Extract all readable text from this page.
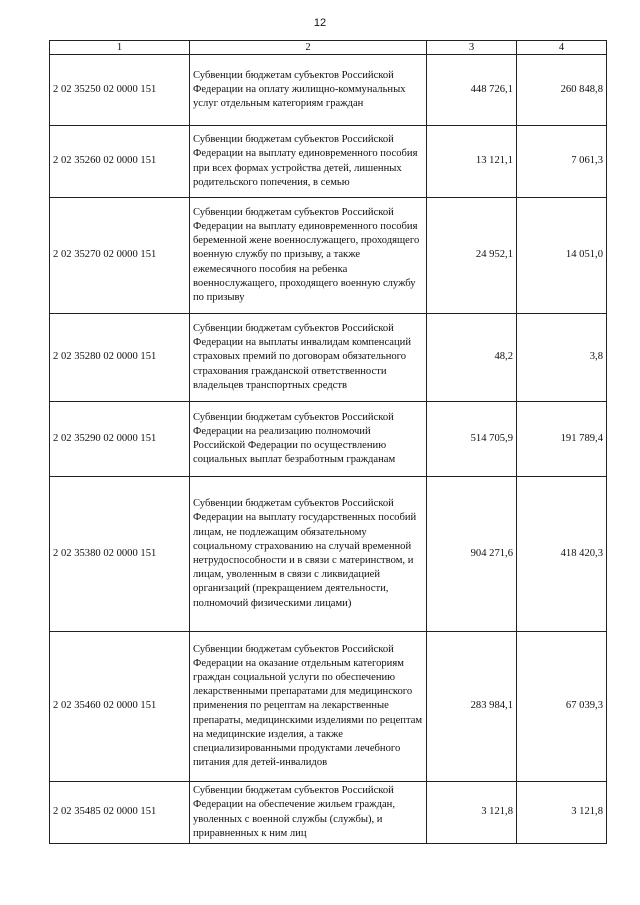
12
1	2	3	4
2 02 35250 02 0000 151	Субвенции бюджетам субъектов Российской Федерации на оплату жилищно-коммунальных услуг отдельным категориям граждан	448 726,1	260 848,8
2 02 35260 02 0000 151	Субвенции бюджетам субъектов Российской Федерации на выплату единовременного пособия при всех формах устройства детей, лишенных родительского попечения, в семью	13 121,1	7 061,3
2 02 35270 02 0000 151	Субвенции бюджетам субъектов Российской Федерации на выплату единовременного пособия беременной жене военнослужащего, проходящего военную службу по призыву, а также ежемесячного пособия на ребенка военнослужащего, проходящего военную службу по призыву	24 952,1	14 051,0
2 02 35280 02 0000 151	Субвенции бюджетам субъектов Российской Федерации на выплаты инвалидам компенсаций страховых премий по договорам обязательного страхования гражданской ответственности владельцев транспортных средств	48,2	3,8
2 02 35290 02 0000 151	Субвенции бюджетам субъектов Российской Федерации на реализацию полномочий Российской Федерации по осуществлению социальных выплат безработным гражданам	514 705,9	191 789,4
2 02 35380 02 0000 151	Субвенции бюджетам субъектов Российской Федерации на выплату государственных пособий лицам, не подлежащим обязательному социальному страхованию на случай временной нетрудоспособности и в связи с материнством, и лицам, уволенным в связи с ликвидацией организаций (прекращением деятельности, полномочий физическими лицами)	904 271,6	418 420,3
2 02 35460 02 0000 151	Субвенции бюджетам субъектов Российской Федерации на оказание отдельным категориям граждан социальной услуги по обеспечению лекарственными препаратами для медицинского применения по рецептам на лекарственные препараты, медицинскими изделиями по рецептам на медицинские изделия, а также специализированными продуктами лечебного питания для детей-инвалидов	283 984,1	67 039,3
2 02 35485 02 0000 151	Субвенции бюджетам субъектов Российской Федерации на обеспечение жильем граждан, уволенных с военной службы (службы), и приравненных к ним лиц	3 121,8	3 121,8
